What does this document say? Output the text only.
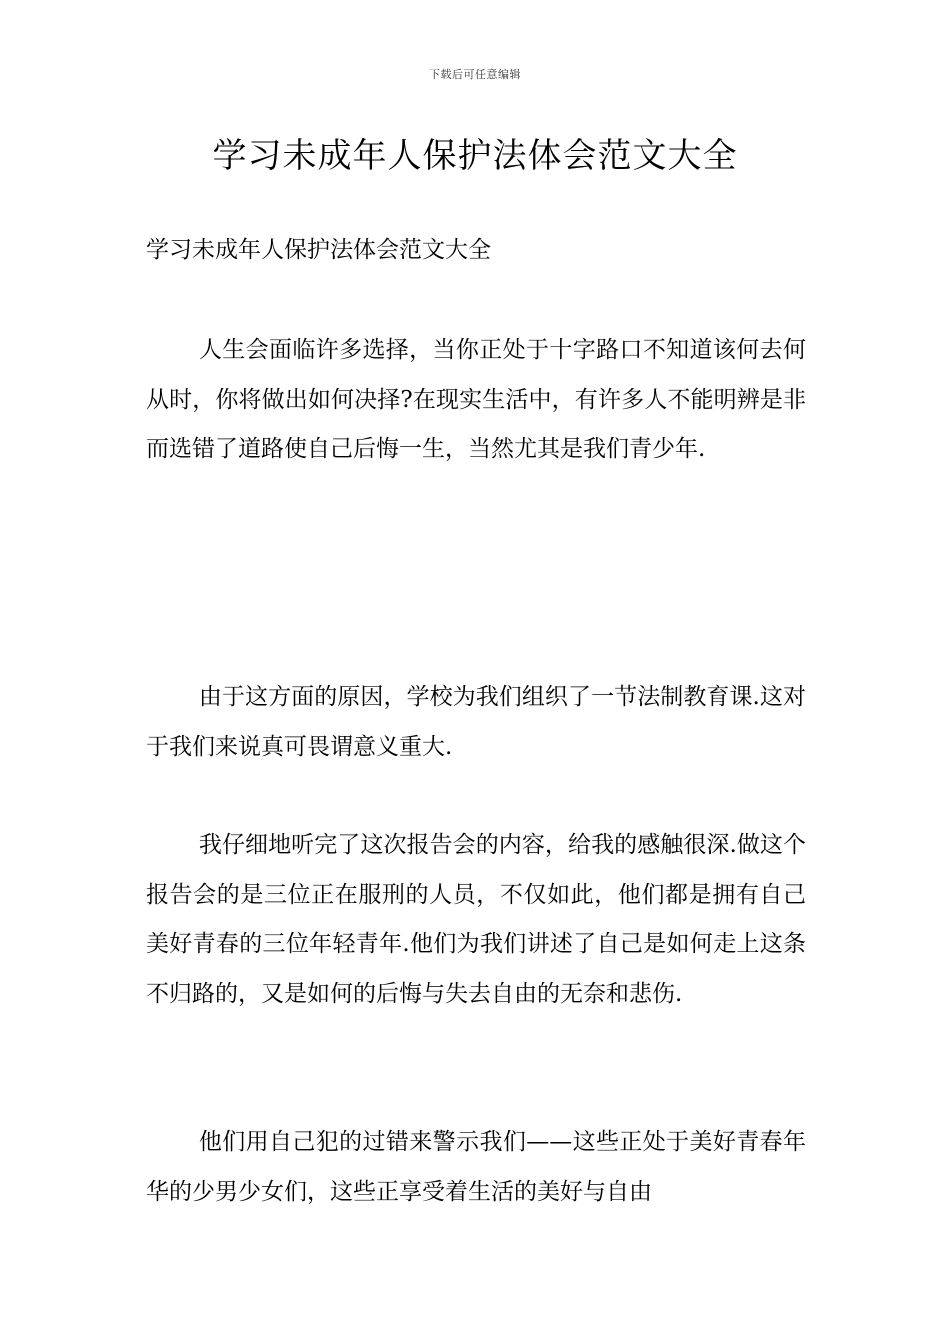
下载后可任意编辑
学习未成年人保护法体会范文大全

学习未成年人保护法体会范文大全

人生会面临许多选择，当你正处于十字路口不知道该何去何从时，你将做出如何决择?在现实生活中，有许多人不能明辨是非而选错了道路使自己后悔一生，当然尤其是我们青少年.

由于这方面的原因，学校为我们组织了一节法制教育课.这对于我们来说真可畏谓意义重大.

我仔细地听完了这次报告会的内容，给我的感触很深.做这个报告会的是三位正在服刑的人员，不仅如此，他们都是拥有自己美好青春的三位年轻青年.他们为我们讲述了自己是如何走上这条不归路的，又是如何的后悔与失去自由的无奈和悲伤.

他们用自己犯的过错来警示我们——这些正处于美好青春年华的少男少女们，这些正享受着生活的美好与自由
